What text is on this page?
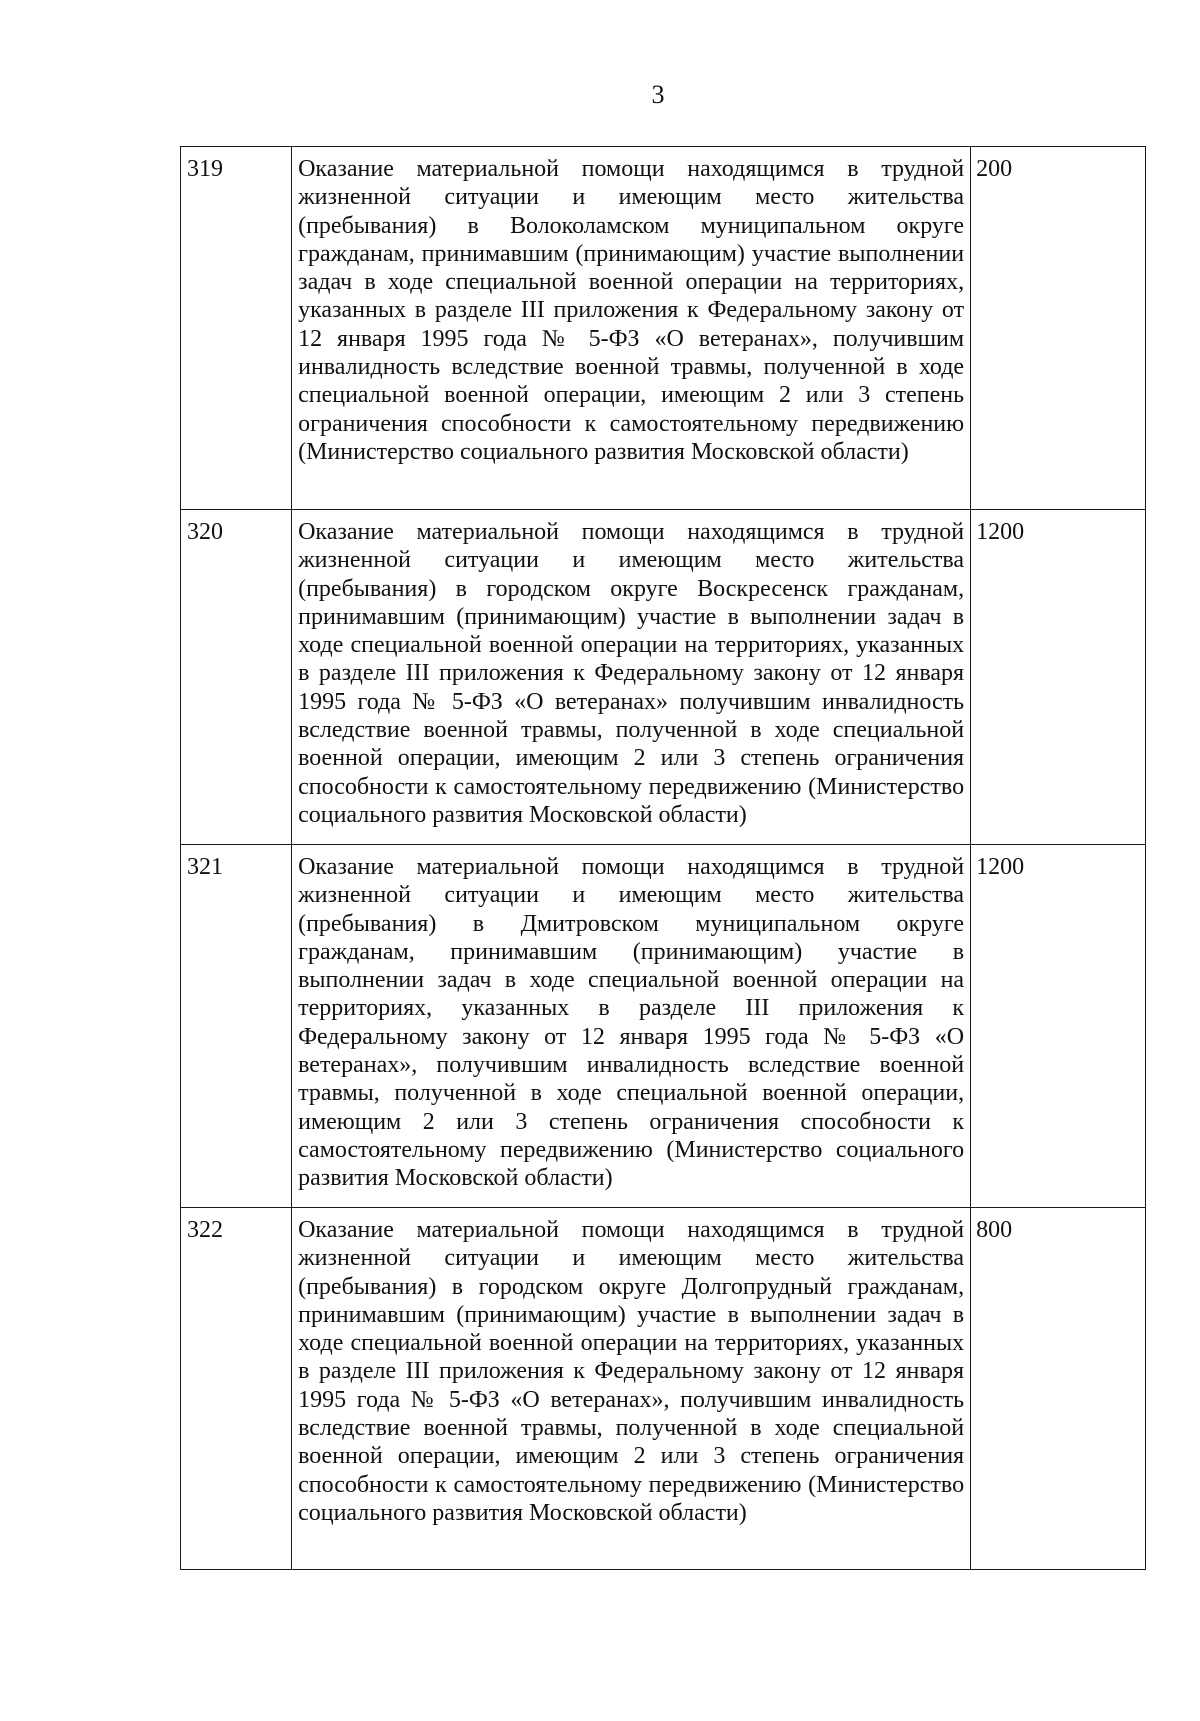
3
319	Оказание материальной помощи находящимся в трудной жизненной ситуации и имеющим место жительства (пребывания) в Волоколамском муниципальном округе гражданам, принимавшим (принимающим) участие выполнении задач в ходе специальной военной операции на территориях, указанных в разделе III приложения к Федеральному закону от 12 января 1995 года № 5-ФЗ «О ветеранах», получившим инвалидность вследствие военной травмы, полученной в ходе специальной военной операции, имеющим 2 или 3 степень ограничения способности к самостоятельному передвижению (Министерство социального развития Московской области)	200
320	Оказание материальной помощи находящимся в трудной жизненной ситуации и имеющим место жительства (пребывания) в городском округе Воскресенск гражданам, принимавшим (принимающим) участие в выполнении задач в ходе специальной военной операции на территориях, указанных в разделе III приложения к Федеральному закону от 12 января 1995 года № 5-ФЗ «О ветеранах» получившим инвалидность вследствие военной травмы, полученной в ходе специальной военной операции, имеющим 2 или 3 степень ограничения способности к самостоятельному передвижению (Министерство социального развития Московской области)	1200
321	Оказание материальной помощи находящимся в трудной жизненной ситуации и имеющим место жительства (пребывания) в Дмитровском муниципальном округе гражданам, принимавшим (принимающим) участие в выполнении задач в ходе специальной военной операции на территориях, указанных в разделе III приложения к Федеральному закону от 12 января 1995 года № 5-ФЗ «О ветеранах», получившим инвалидность вследствие военной травмы, полученной в ходе специальной военной операции, имеющим 2 или 3 степень ограничения способности к самостоятельному передвижению (Министерство социального развития Московской области)	1200
322	Оказание материальной помощи находящимся в трудной жизненной ситуации и имеющим место жительства (пребывания) в городском округе Долгопрудный гражданам, принимавшим (принимающим) участие в выполнении задач в ходе специальной военной операции на территориях, указанных в разделе III приложения к Федеральному закону от 12 января 1995 года № 5-ФЗ «О ветеранах», получившим инвалидность вследствие военной травмы, полученной в ходе специальной военной операции, имеющим 2 или 3 степень ограничения способности к самостоятельному передвижению (Министерство социального развития Московской области)	800
